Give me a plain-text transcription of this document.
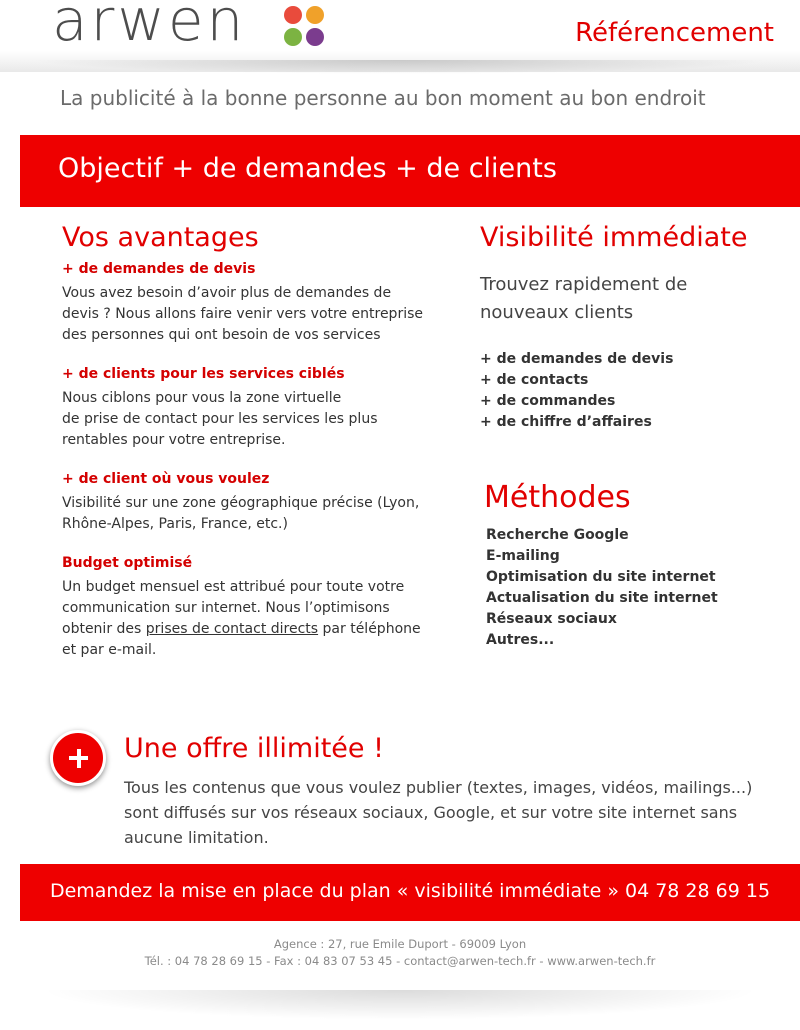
arwen	Référencement
La publicité à la bonne personne au bon moment au bon endroit
Objectif + de demandes + de clients
Vos avantages
+ de demandes de devis

Vous avez besoin d’avoir plus de demandes de
devis ? Nous allons faire venir vers votre entreprise
des personnes qui ont besoin de vos services

+ de clients pour les services ciblés

Nous ciblons pour vous la zone virtuelle
de prise de contact pour les services les plus
rentables pour votre entreprise.

+ de client où vous voulez

Visibilité sur une zone géographique précise (Lyon,
Rhône-Alpes, Paris, France, etc.)

Budget optimisé

Un budget mensuel est attribué pour toute votre
communication sur internet. Nous l’optimisons
obtenir des prises de contact directs par téléphone
et par e-mail.

Visibilité immédiate
Trouvez rapidement de
nouveaux clients
+ de demandes de devis
+ de contacts
+ de commandes
+ de chiffre d’affaires
Méthodes
Recherche Google
E-mailing
Optimisation du site internet
Actualisation du site internet
Réseaux sociaux
Autres...
Une offre illimitée !
Tous les contenus que vous voulez publier (textes, images, vidéos, mailings...)
sont diffusés sur vos réseaux sociaux, Google, et sur votre site internet sans
aucune limitation.
Demandez la mise en place du plan « visibilité immédiate » 04 78 28 69 15
Agence : 27, rue Emile Duport - 69009 Lyon
Tél. : 04 78 28 69 15 - Fax : 04 83 07 53 45 - contact@arwen-tech.fr - www.arwen-tech.fr
